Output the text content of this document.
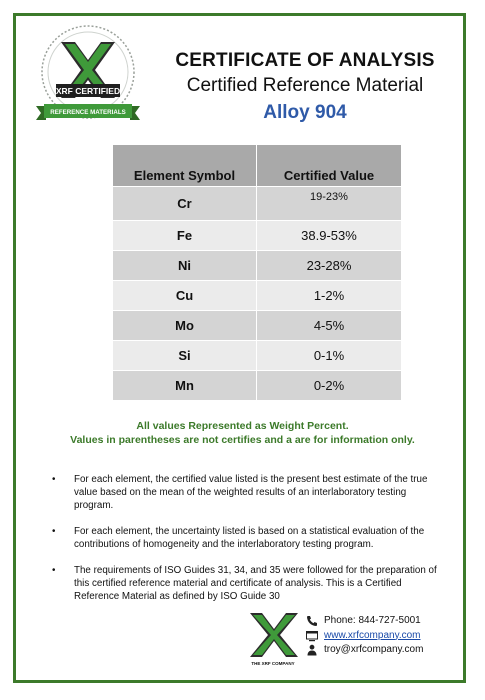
XRF CERTIFIED
REFERENCE MATERIALS
CERTIFICATE OF ANALYSIS
Certified Reference Material
Alloy 904
Element Symbol	Certified Value
Cr	19-23%
Fe	38.9-53%
Ni	23-28%
Cu	1-2%
Mo	4-5%
Si	0-1%
Mn	0-2%
All values Represented as Weight Percent.
Values in parentheses are not certifies and a are for information only.
• For each element, the certified value listed is the present best estimate of the true value based on the mean of the weighted results of an interlaboratory testing program.
• For each element, the uncertainty listed is based on a statistical evaluation of the contributions of homogeneity and the interlaboratory testing program.
• The requirements of ISO Guides 31, 34, and 35 were followed for the preparation of this certified reference material and certificate of analysis. This is a Certified Reference Material as defined by ISO Guide 30
THE XRF COMPANY
Phone: 844-727-5001
www.xrfcompany.com
troy@xrfcompany.com
